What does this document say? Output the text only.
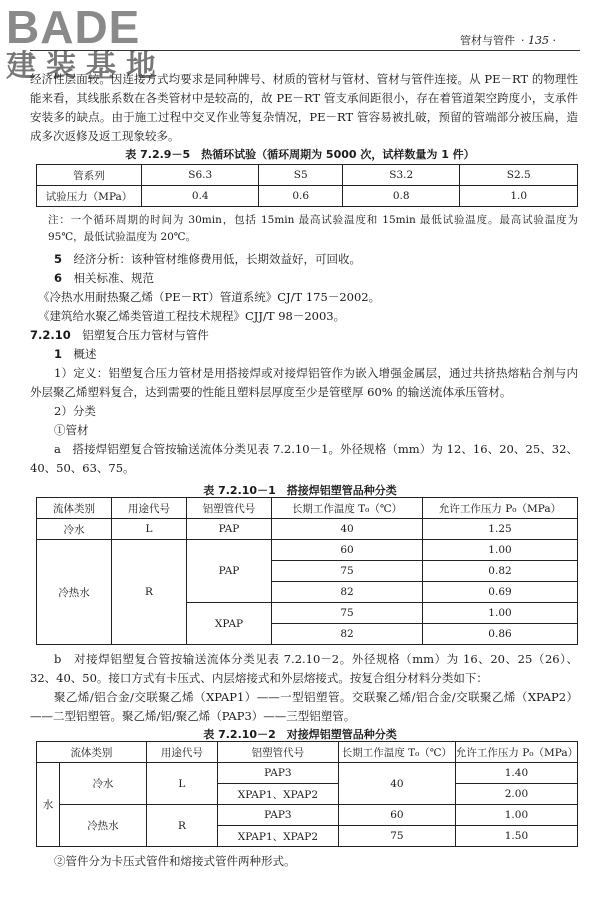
BADE
建装基地
管材与管件 · 135 ·
经济性层面较。因连接方式均要求是同种牌号、材质的管材与管材、管材与管件连接。从 PE－RT 的物理性能来看，其线胀系数在各类管材中是较高的，故 PE－RT 管支承间距很小，存在着管道架空跨度小，支承件安装多的缺点。由于施工过程中交叉作业等复杂情况，PE－RT 管容易被扎破，预留的管端部分被压扁，造成多次返修及返工现象较多。
表 7.2.9－5　热循环试验（循环周期为 5000 次，试样数量为 1 件）
管系列	S6.3	S5	S3.2	S2.5
试验压力（MPa）	0.4	0.6	0.8	1.0
注：一个循环周期的时间为 30min，包括 15min 最高试验温度和 15min 最低试验温度。最高试验温度为 95℃，最低试验温度为 20℃。
5　 经济分析：该种管材维修费用低，长期效益好，可回收。
6　 相关标准、规范
《冷热水用耐热聚乙烯（PE－RT）管道系统》CJ/T 175－2002。
《建筑给水聚乙烯类管道工程技术规程》CJJ/T 98－2003。
7.2.10　 铝塑复合压力管材与管件
1　 概述
1）定义：铝塑复合压力管材是用搭接焊或对接焊铝管作为嵌入增强金属层，通过共挤热熔粘合剂与内外层聚乙烯塑料复合，达到需要的性能且塑料层厚度至少是管壁厚 60% 的输送流体承压管材。
2）分类
①管材
a　搭接焊铝塑复合管按输送流体分类见表 7.2.10－1。外径规格（mm）为 12、16、20、25、32、40、50、63、75。
表 7.2.10－1　搭接焊铝塑管品种分类
流体类别	用途代号	铝塑管代号	长期工作温度 T₀（℃）	允许工作压力 P₀（MPa）
冷水	L	PAP	40	1.25
冷热水	R	PAP	60	1.00
			75	0.82
			82	0.69
		XPAP	75	1.00
			82	0.86
b　对接焊铝塑复合管按输送流体分类见表 7.2.10－2。外径规格（mm）为 16、20、25（26）、32、40、50。接口方式有卡压式、内层熔接式和外层熔接式。按复合组分材料分类如下：
聚乙烯/铝合金/交联聚乙烯（XPAP1）——一型铝塑管。交联聚乙烯/铝合金/交联聚乙烯（XPAP2）——二型铝塑管。聚乙烯/铝/聚乙烯（PAP3）——三型铝塑管。
表 7.2.10－2　对接焊铝塑管品种分类
流体类别		用途代号	铝塑管代号	长期工作温度 T₀（℃）	允许工作压力 P₀（MPa）
水	冷水	L	PAP3	40	1.40
			XPAP1、XPAP2		2.00
	冷热水	R	PAP3	60	1.00
			XPAP1、XPAP2	75	1.50
②管件分为卡压式管件和熔接式管件两种形式。
